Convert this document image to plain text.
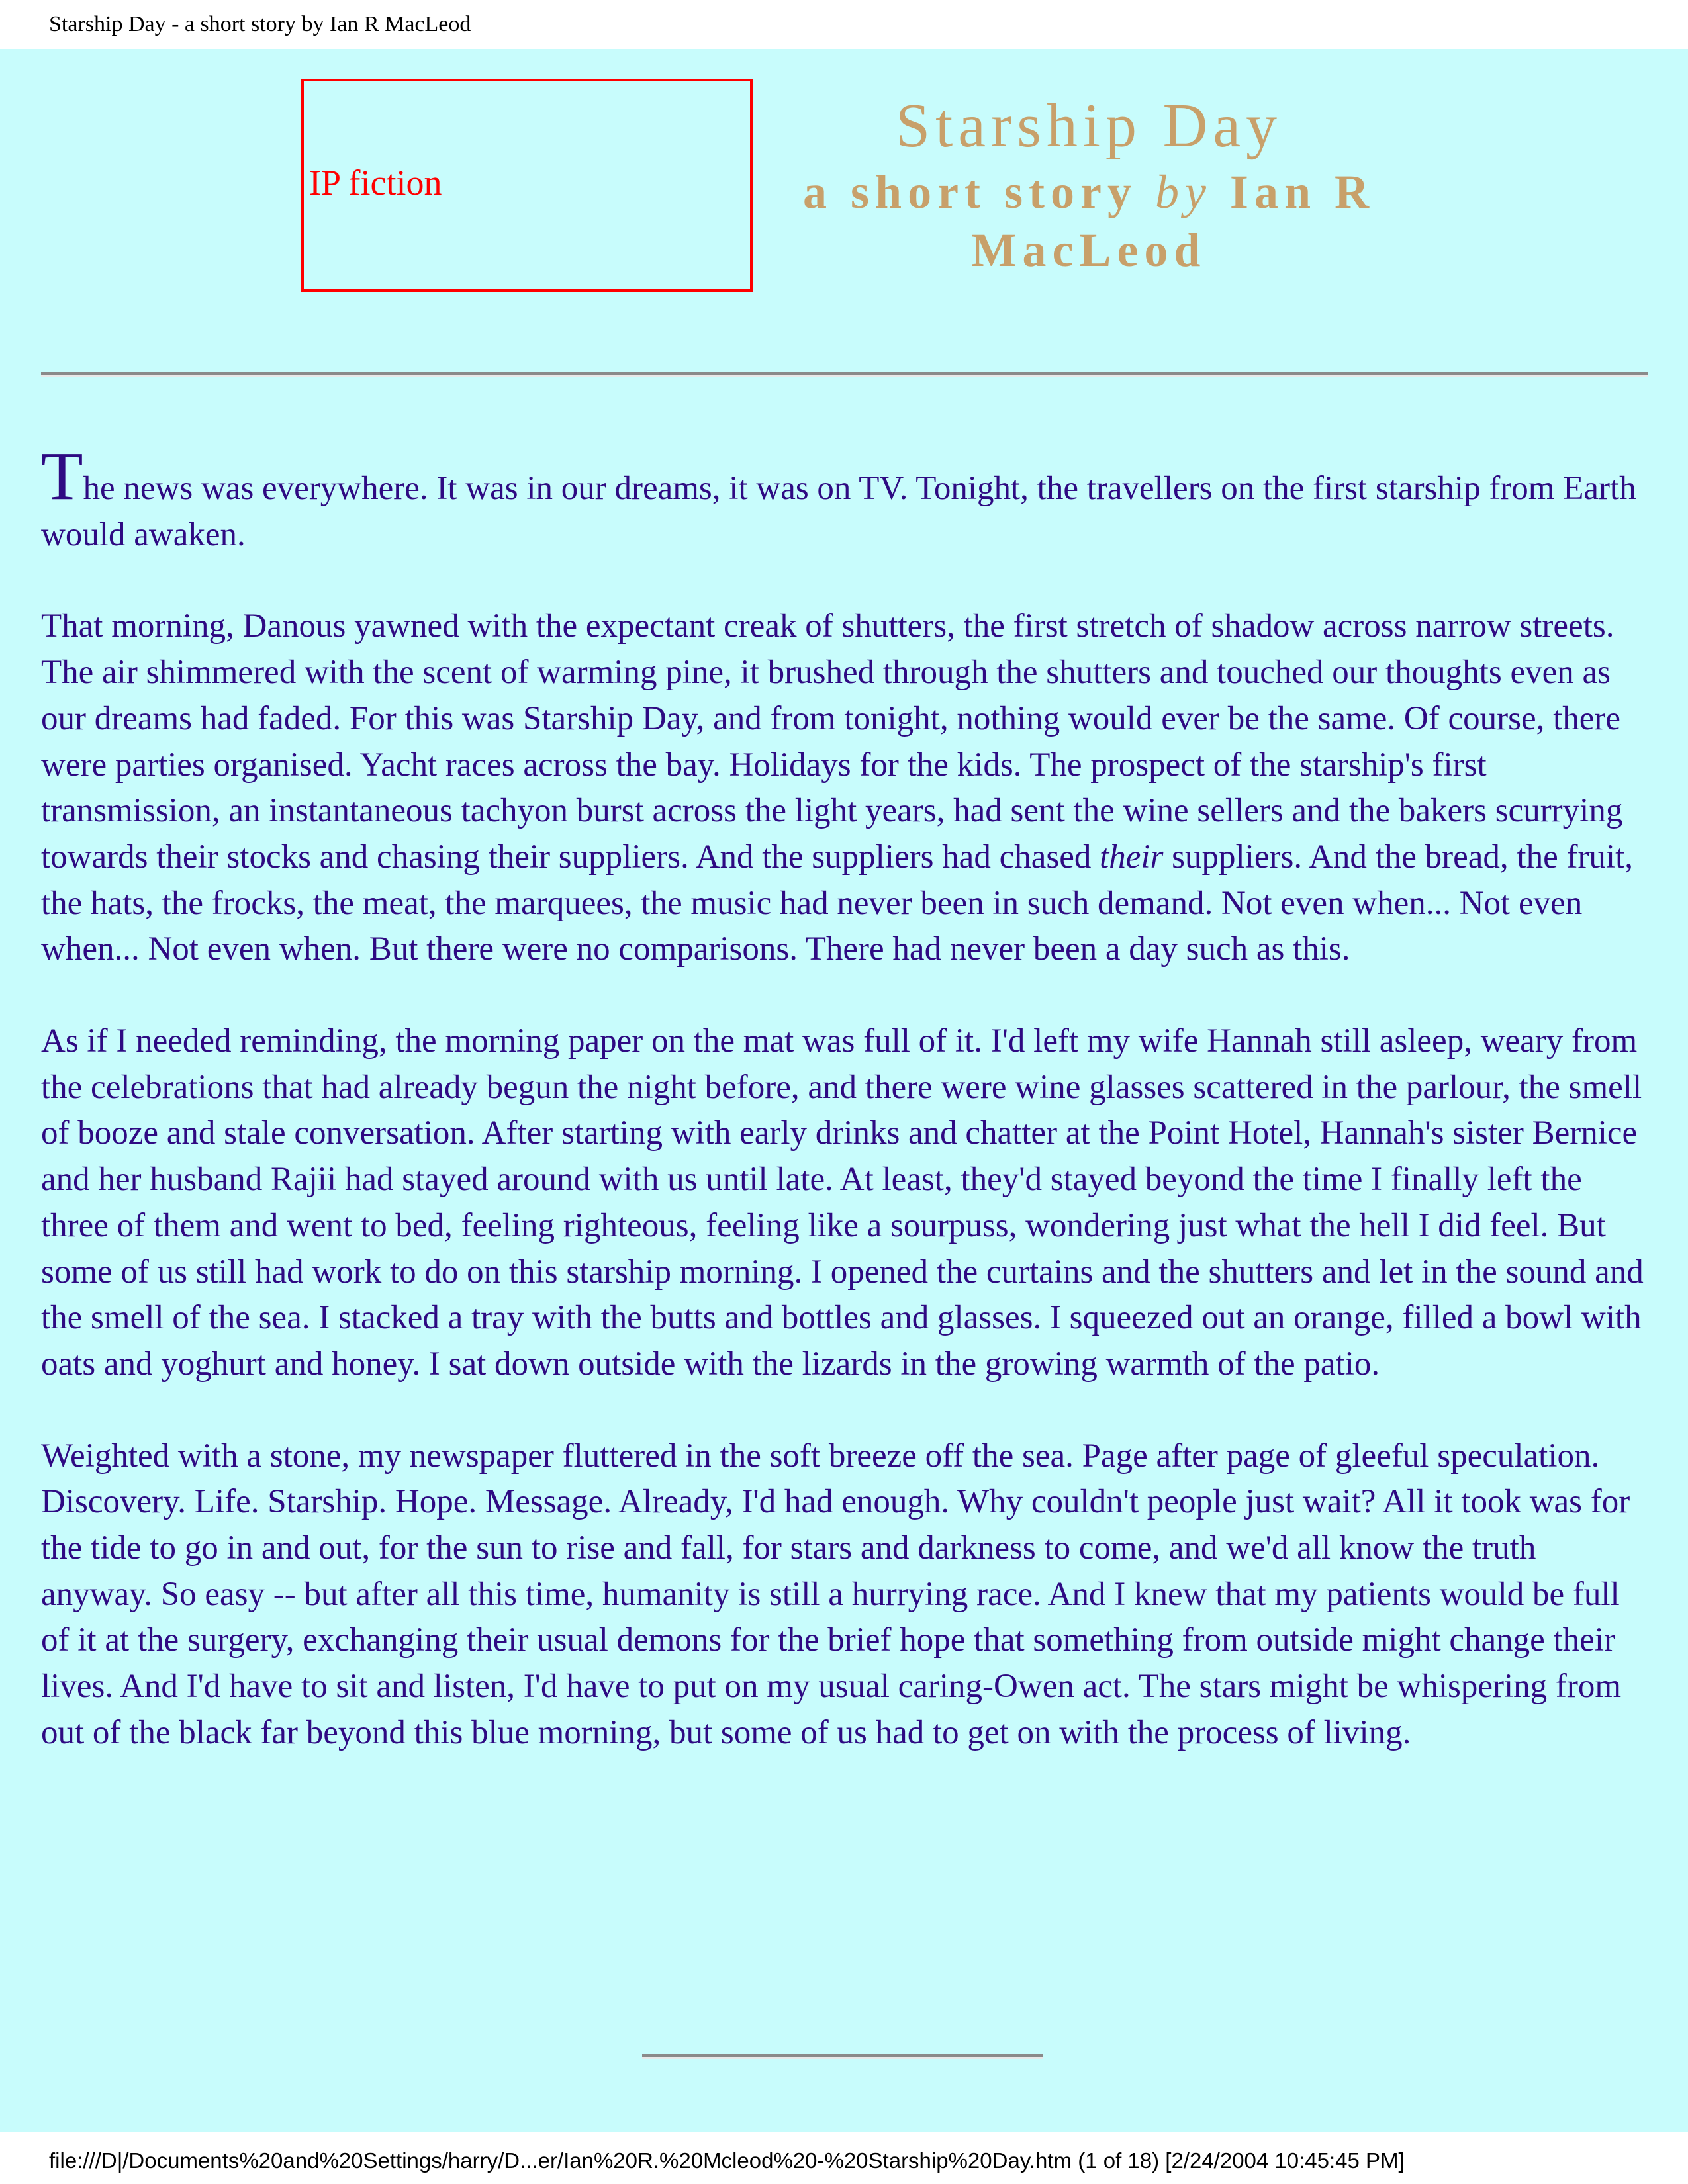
Starship Day - a short story by Ian R MacLeod
IP fiction
Starship Day
a short story by Ian R MacLeod

The news was everywhere. It was in our dreams, it was on TV. Tonight, the travellers on the first starship from Earth would awaken.

That morning, Danous yawned with the expectant creak of shutters, the first stretch of shadow across narrow streets. The air shimmered with the scent of warming pine, it brushed through the shutters and touched our thoughts even as our dreams had faded. For this was Starship Day, and from tonight, nothing would ever be the same. Of course, there were parties organised. Yacht races across the bay. Holidays for the kids. The prospect of the starship's first transmission, an instantaneous tachyon burst across the light years, had sent the wine sellers and the bakers scurrying towards their stocks and chasing their suppliers. And the suppliers had chased their suppliers. And the bread, the fruit, the hats, the frocks, the meat, the marquees, the music had never been in such demand. Not even when... Not even when... Not even when. But there were no comparisons. There had never been a day such as this.

As if I needed reminding, the morning paper on the mat was full of it. I'd left my wife Hannah still asleep, weary from the celebrations that had already begun the night before, and there were wine glasses scattered in the parlour, the smell of booze and stale conversation. After starting with early drinks and chatter at the Point Hotel, Hannah's sister Bernice and her husband Rajii had stayed around with us until late. At least, they'd stayed beyond the time I finally left the three of them and went to bed, feeling righteous, feeling like a sourpuss, wondering just what the hell I did feel. But some of us still had work to do on this starship morning. I opened the curtains and the shutters and let in the sound and the smell of the sea. I stacked a tray with the butts and bottles and glasses. I squeezed out an orange, filled a bowl with oats and yoghurt and honey. I sat down outside with the lizards in the growing warmth of the patio.

Weighted with a stone, my newspaper fluttered in the soft breeze off the sea. Page after page of gleeful speculation. Discovery. Life. Starship. Hope. Message. Already, I'd had enough. Why couldn't people just wait? All it took was for the tide to go in and out, for the sun to rise and fall, for stars and darkness to come, and we'd all know the truth anyway. So easy -- but after all this time, humanity is still a hurrying race. And I knew that my patients would be full of it at the surgery, exchanging their usual demons for the brief hope that something from outside might change their lives. And I'd have to sit and listen, I'd have to put on my usual caring-Owen act. The stars might be whispering from out of the black far beyond this blue morning, but some of us had to get on with the process of living.

file:///D|/Documents%20and%20Settings/harry/D...er/Ian%20R.%20Mcleod%20-%20Starship%20Day.htm (1 of 18) [2/24/2004 10:45:45 PM]
